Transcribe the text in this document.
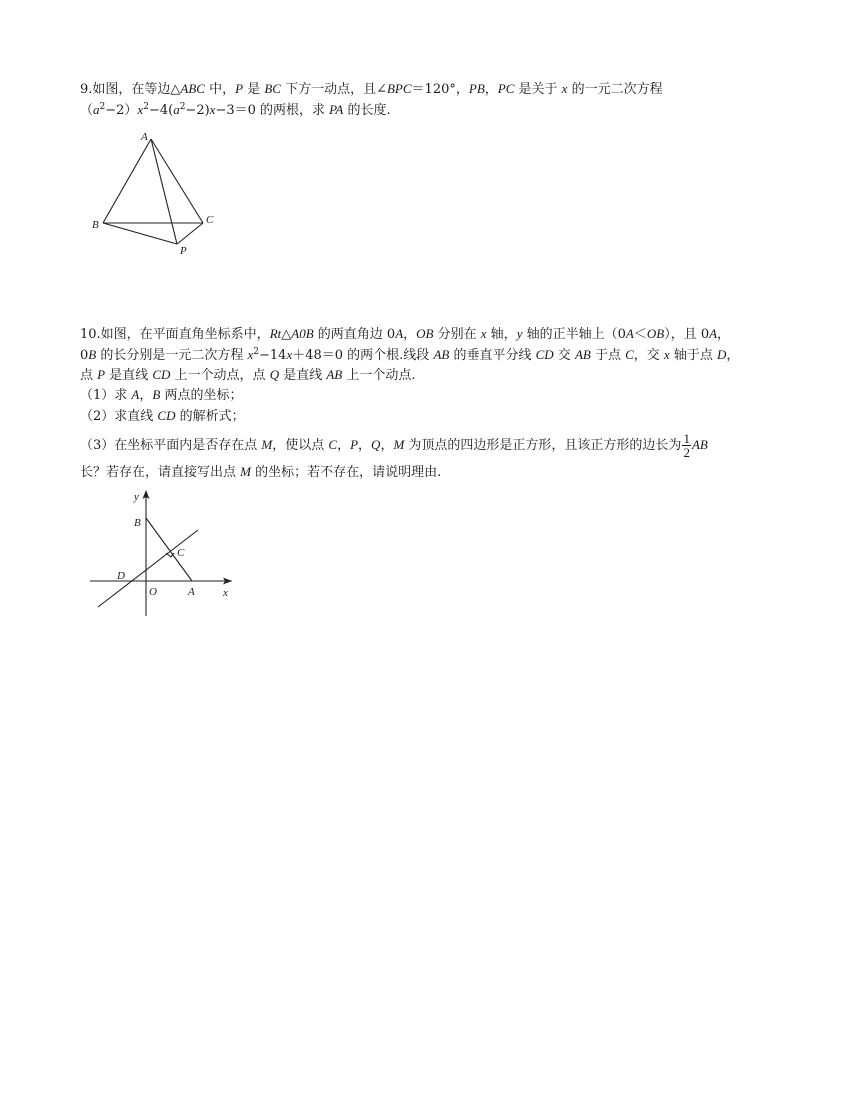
9.如图，在等边△ABC 中，P 是 BC 下方一动点，且∠BPC＝120°，PB，PC 是关于 x 的一元二次方程
$(a^2-2)x^2-4(a^2-2)x-3=0$ 的两根，求 PA 的长度.
A
B	C
P
10.如图，在平面直角坐标系中，Rt△A0B 的两直角边 0A，OB 分别在 x 轴，y 轴的正半轴上（0A＜OB），且 0A，
0B 的长分别是一元二次方程 $x^2-14x+48=0$ 的两个根.线段 AB 的垂直平分线 CD 交 AB 于点 C，交 x 轴于点 D，
点 P 是直线 CD 上一个动点，点 Q 是直线 AB 上一个动点.
（1）求 A，B 两点的坐标；
（2）求直线 CD 的解析式；
（3）在坐标平面内是否存在点 M，使以点 C，P，Q，M 为顶点的四边形是正方形，且该正方形的边长为 $\frac{1}{2}$ AB
长？若存在，请直接写出点 M 的坐标；若不存在，请说明理由.
y
B
C
D
O	A	x
